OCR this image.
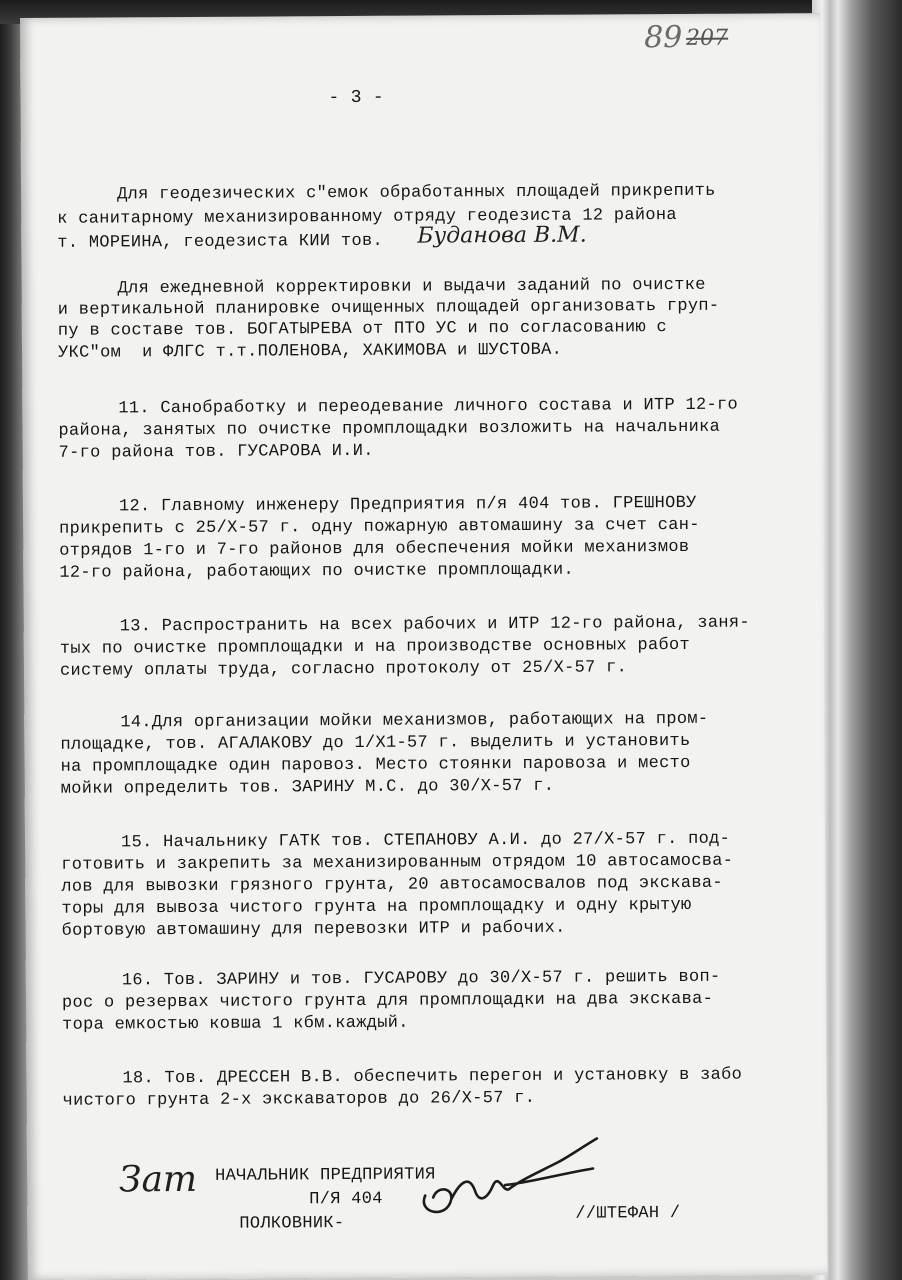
89 207
- 3 -
Для геодезических с"емок обработанных площадей прикрепить
к санитарному механизированному отряду геодезиста 12 района
т. МОРЕИНА, геодезиста КИИ тов. Буданова В.М.
Для ежедневной корректировки и выдачи заданий по очистке
и вертикальной планировке очищенных площадей организовать груп-
пу в составе тов. БОГАТЫРЕВА от ПТО УС и по согласованию с
УКС"ом  и ФЛГС т.т.ПОЛЕНОВА, ХАКИМОВА и ШУСТОВА.
11. Санобработку и переодевание личного состава и ИТР 12-го
района, занятых по очистке промплощадки возложить на начальника
7-го района тов. ГУСАРОВА И.И.
12. Главному инженеру Предприятия п/я 404 тов. ГРЕШНОВУ
прикрепить с 25/Х-57 г. одну пожарную автомашину за счет сан-
отрядов 1-го и 7-го районов для обеспечения мойки механизмов
12-го района, работающих по очистке промплощадки.
13. Распространить на всех рабочих и ИТР 12-го района, заня-
тых по очистке промплощадки и на производстве основных работ
систему оплаты труда, согласно протоколу от 25/Х-57 г.
14.Для организации мойки механизмов, работающих на пром-
площадке, тов. АГАЛАКОВУ до 1/Х1-57 г. выделить и установить
на промплощадке один паровоз. Место стоянки паровоза и место
мойки определить тов. ЗАРИНУ М.С. до 30/Х-57 г.
15. Начальнику ГАТК тов. СТЕПАНОВУ А.И. до 27/Х-57 г. под-
готовить и закрепить за механизированным отрядом 10 автосамосва-
лов для вывозки грязного грунта, 20 автосамосвалов под экскава-
торы для вывоза чистого грунта на промплощадку и одну крытую
бортовую автомашину для перевозки ИТР и рабочих.
16. Тов. ЗАРИНУ и тов. ГУСАРОВУ до 30/Х-57 г. решить воп-
рос о резервах чистого грунта для промплощадки на два экскава-
тора емкостью ковша 1 кбм.каждый.
18. Тов. ДРЕССЕН В.В. обеспечить перегон и установку в забо
чистого грунта 2-х экскаваторов до 26/Х-57 г.
Зат НАЧАЛЬНИК ПРЕДПРИЯТИЯ
П/Я 404
ПОЛКОВНИК-
//ШТЕФАН /
